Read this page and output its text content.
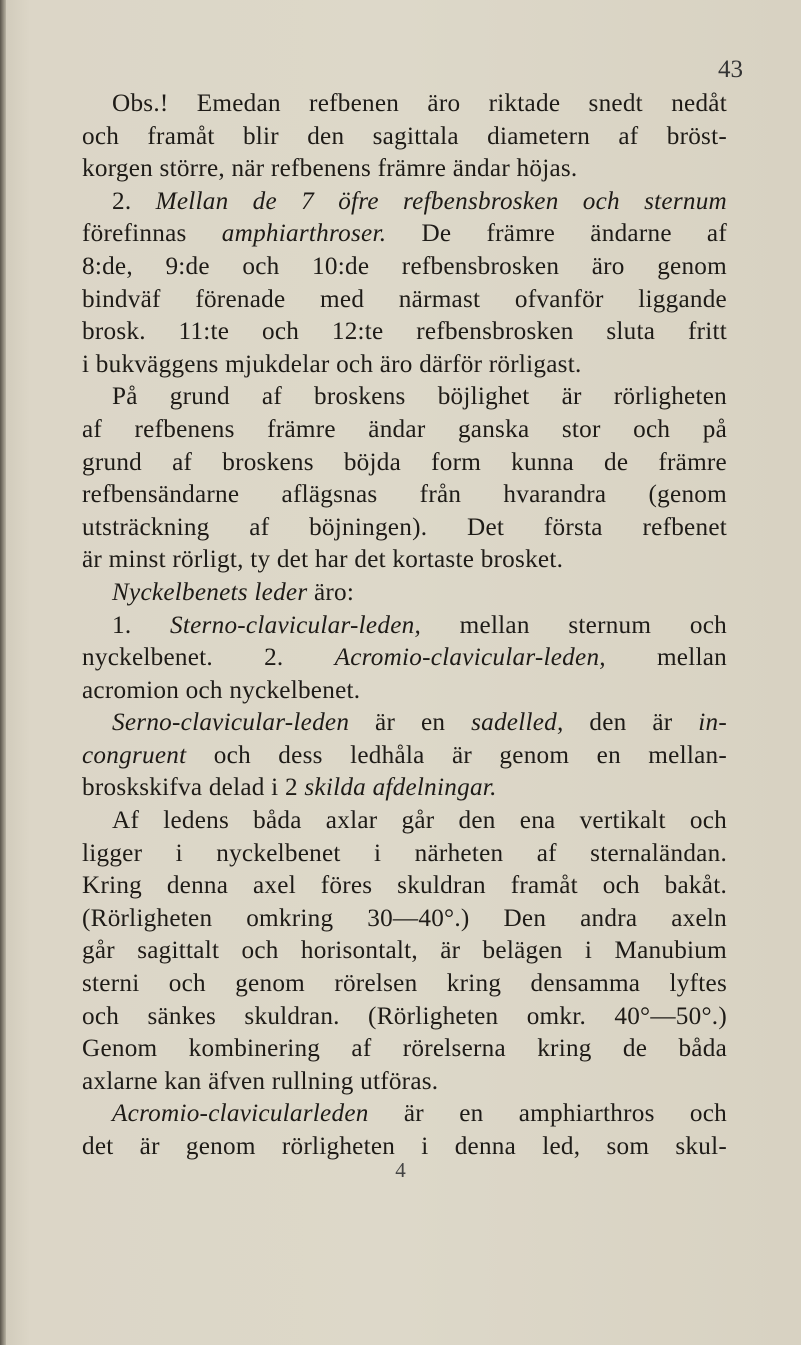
43
Obs.! Emedan refbenen äro riktade snedt nedåt
och framåt blir den sagittala diametern af bröst-
korgen större, när refbenens främre ändar höjas.
2. Mellan de 7 öfre refbensbrosken och sternum
förefinnas amphiarthroser. De främre ändarne af
8:de, 9:de och 10:de refbensbrosken äro genom
bindväf förenade med närmast ofvanför liggande
brosk. 11:te och 12:te refbensbrosken sluta fritt
i bukväggens mjukdelar och äro därför rörligast.
På grund af broskens böjlighet är rörligheten
af refbenens främre ändar ganska stor och på
grund af broskens böjda form kunna de främre
refbensändarne aflägsnas från hvarandra (genom
utsträckning af böjningen). Det första refbenet
är minst rörligt, ty det har det kortaste brosket.
Nyckelbenets leder äro:
1. Sterno-clavicular-leden, mellan sternum och
nyckelbenet. 2. Acromio-clavicular-leden, mellan
acromion och nyckelbenet.
Serno-clavicular-leden är en sadelled, den är in-
congruent och dess ledhåla är genom en mellan-
broskskifva delad i 2 skilda afdelningar.
Af ledens båda axlar går den ena vertikalt och
ligger i nyckelbenet i närheten af sternaländan.
Kring denna axel föres skuldran framåt och bakåt.
(Rörligheten omkring 30—40°.) Den andra axeln
går sagittalt och horisontalt, är belägen i Manubium
sterni och genom rörelsen kring densamma lyftes
och sänkes skuldran. (Rörligheten omkr. 40°—50°.)
Genom kombinering af rörelserna kring de båda
axlarne kan äfven rullning utföras.
Acromio-clavicularleden är en amphiarthros och
det är genom rörligheten i denna led, som skul-
4
